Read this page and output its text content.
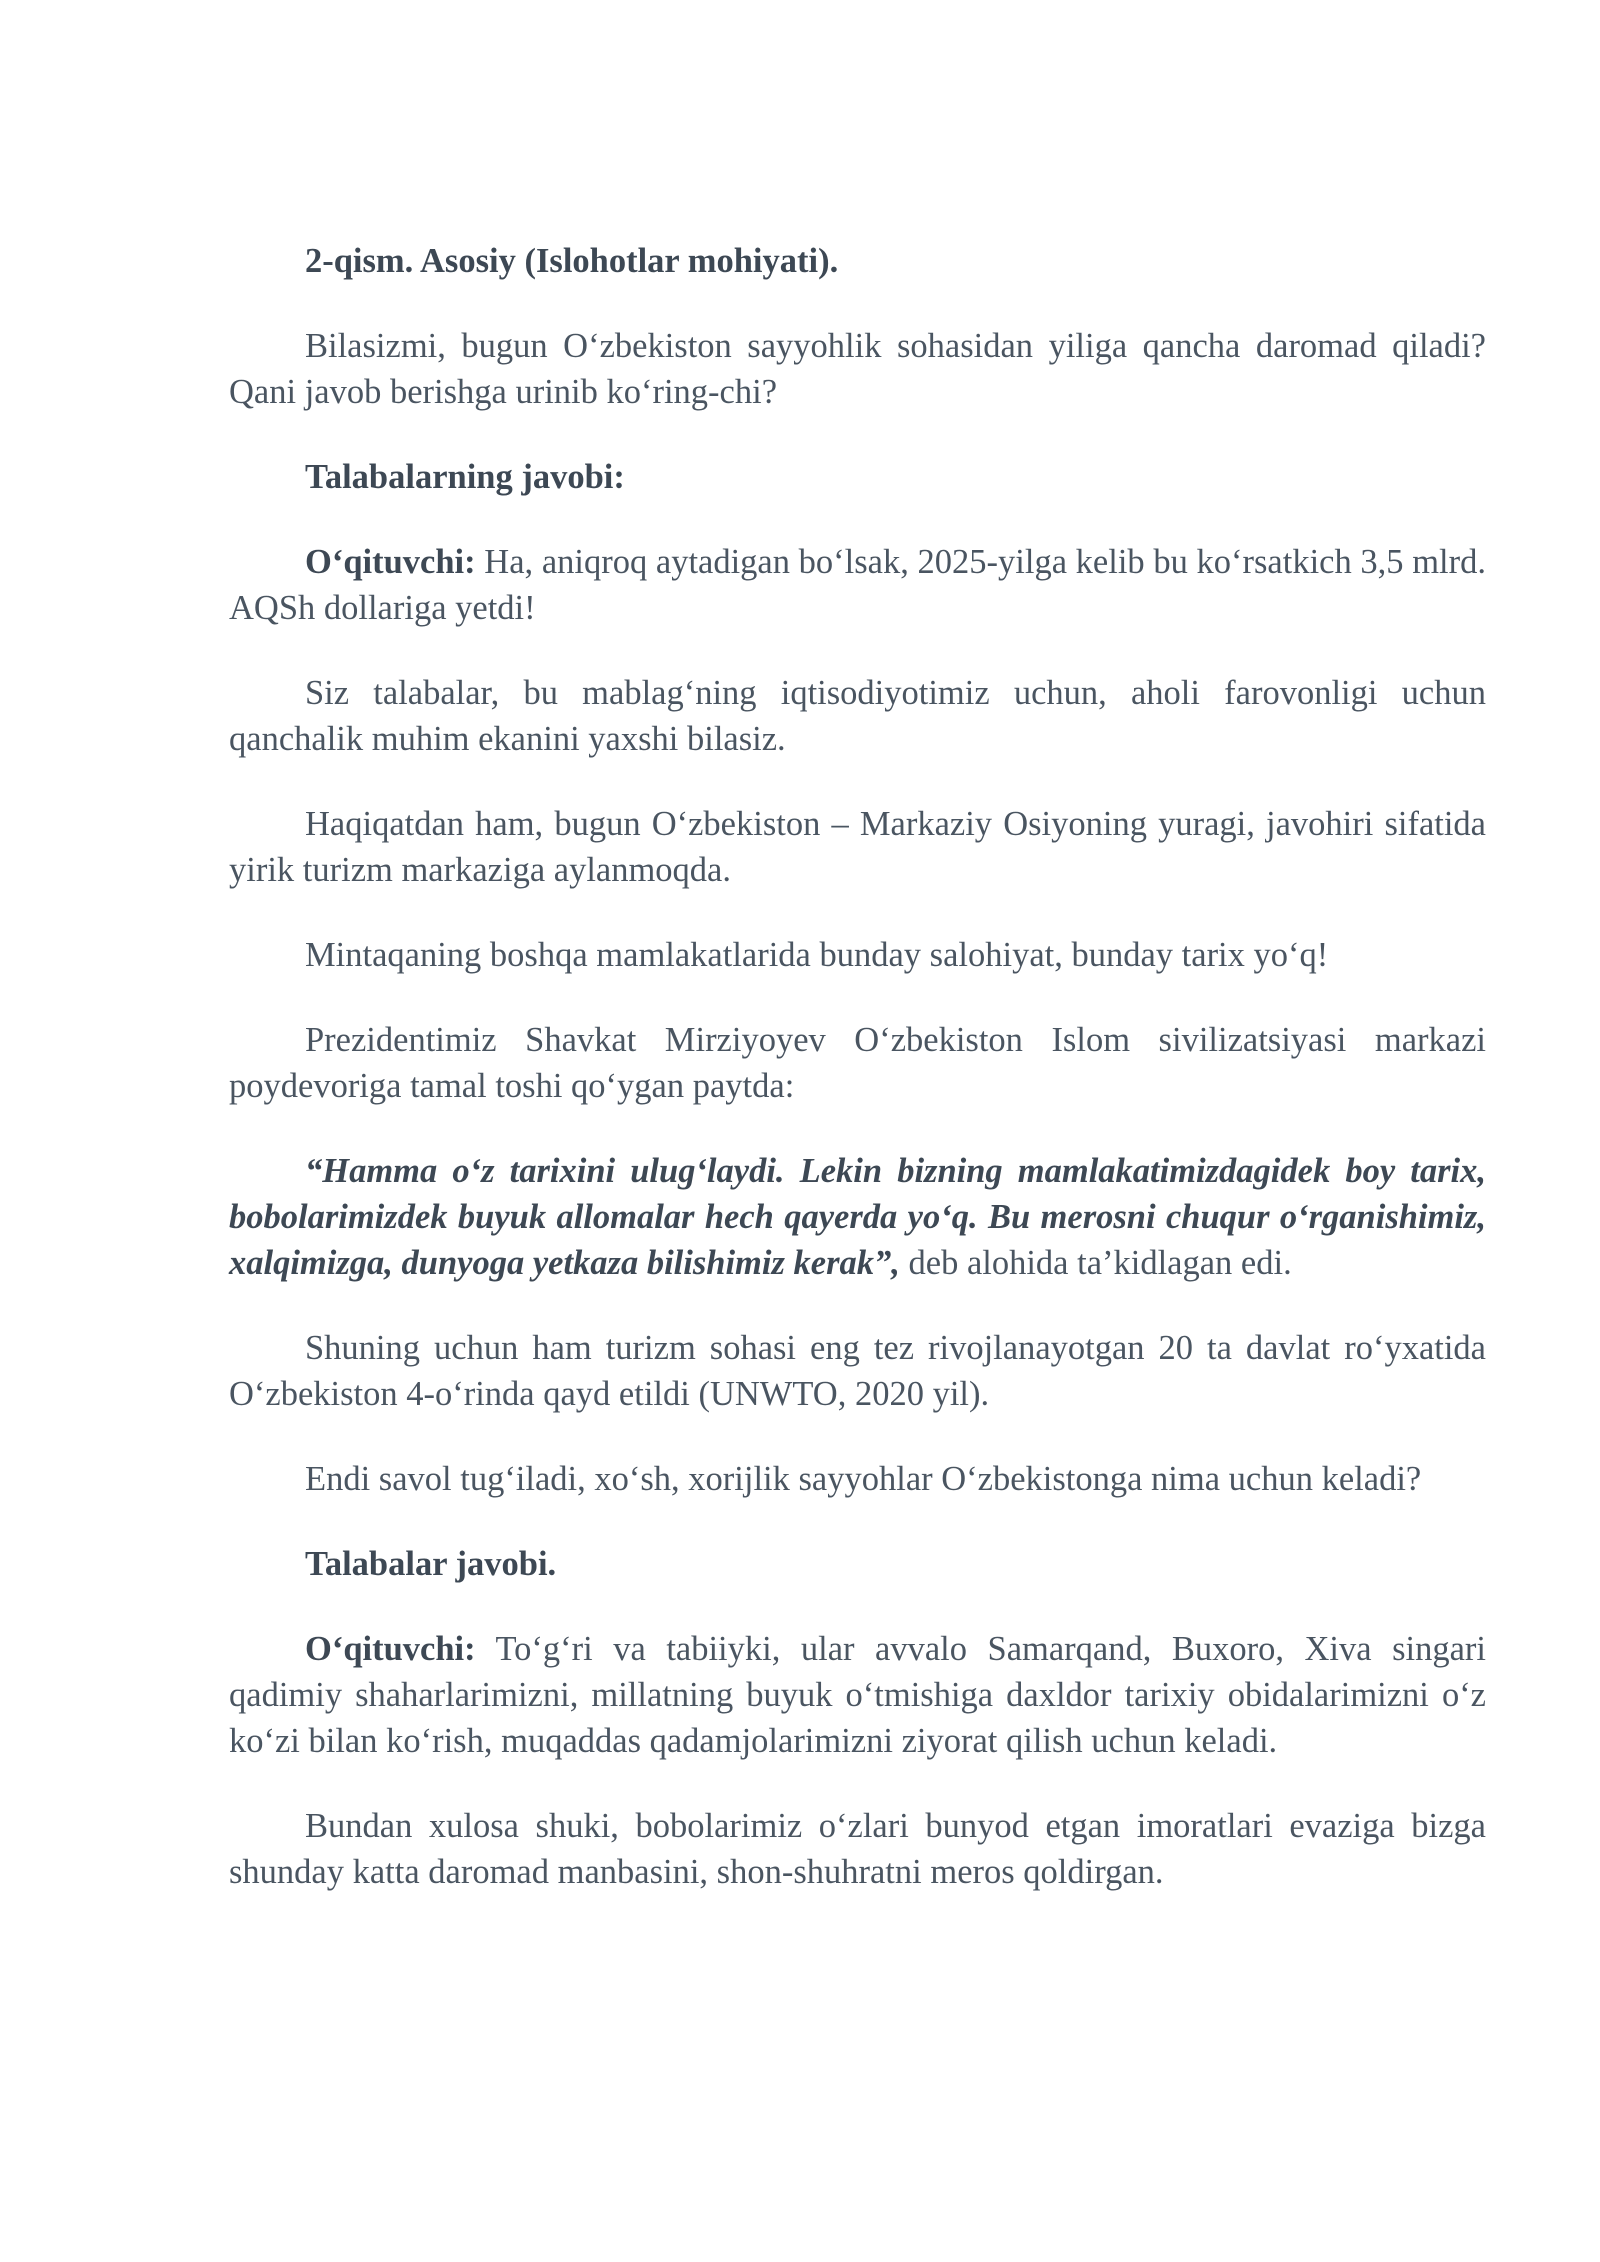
2-qism. Asosiy (Islohotlar mohiyati).

Bilasizmi, bugun O‘zbekiston sayyohlik sohasidan yiliga qancha daromad qiladi? Qani javob berishga urinib ko‘ring-chi?

Talabalarning javobi:

O‘qituvchi: Ha, aniqroq aytadigan bo‘lsak, 2025-yilga kelib bu ko‘rsatkich 3,5 mlrd. AQSh dollariga yetdi!

Siz talabalar, bu mablag‘ning iqtisodiyotimiz uchun, aholi farovonligi uchun qanchalik muhim ekanini yaxshi bilasiz.

Haqiqatdan ham, bugun O‘zbekiston – Markaziy Osiyoning yuragi, javohiri sifatida yirik turizm markaziga aylanmoqda.

Mintaqaning boshqa mamlakatlarida bunday salohiyat, bunday tarix yo‘q!

Prezidentimiz Shavkat Mirziyoyev O‘zbekiston Islom sivilizatsiyasi markazi poydevoriga tamal toshi qo‘ygan paytda:

“Hamma o‘z tarixini ulug‘laydi. Lekin bizning mamlakatimizdagidek boy tarix, bobolarimizdek buyuk allomalar hech qayerda yo‘q. Bu merosni chuqur o‘rganishimiz, xalqimizga, dunyoga yetkaza bilishimiz kerak”, deb alohida ta’kidlagan edi.

Shuning uchun ham turizm sohasi eng tez rivojlanayotgan 20 ta davlat ro‘yxatida O‘zbekiston 4-o‘rinda qayd etildi (UNWTO, 2020 yil).

Endi savol tug‘iladi, xo‘sh, xorijlik sayyohlar O‘zbekistonga nima uchun keladi?

Talabalar javobi.

O‘qituvchi: To‘g‘ri va tabiiyki, ular avvalo Samarqand, Buxoro, Xiva singari qadimiy shaharlarimizni, millatning buyuk o‘tmishiga daxldor tarixiy obidalarimizni o‘z ko‘zi bilan ko‘rish, muqaddas qadamjolarimizni ziyorat qilish uchun keladi.

Bundan xulosa shuki, bobolarimiz o‘zlari bunyod etgan imoratlari evaziga bizga shunday katta daromad manbasini, shon-shuhratni meros qoldirgan.
